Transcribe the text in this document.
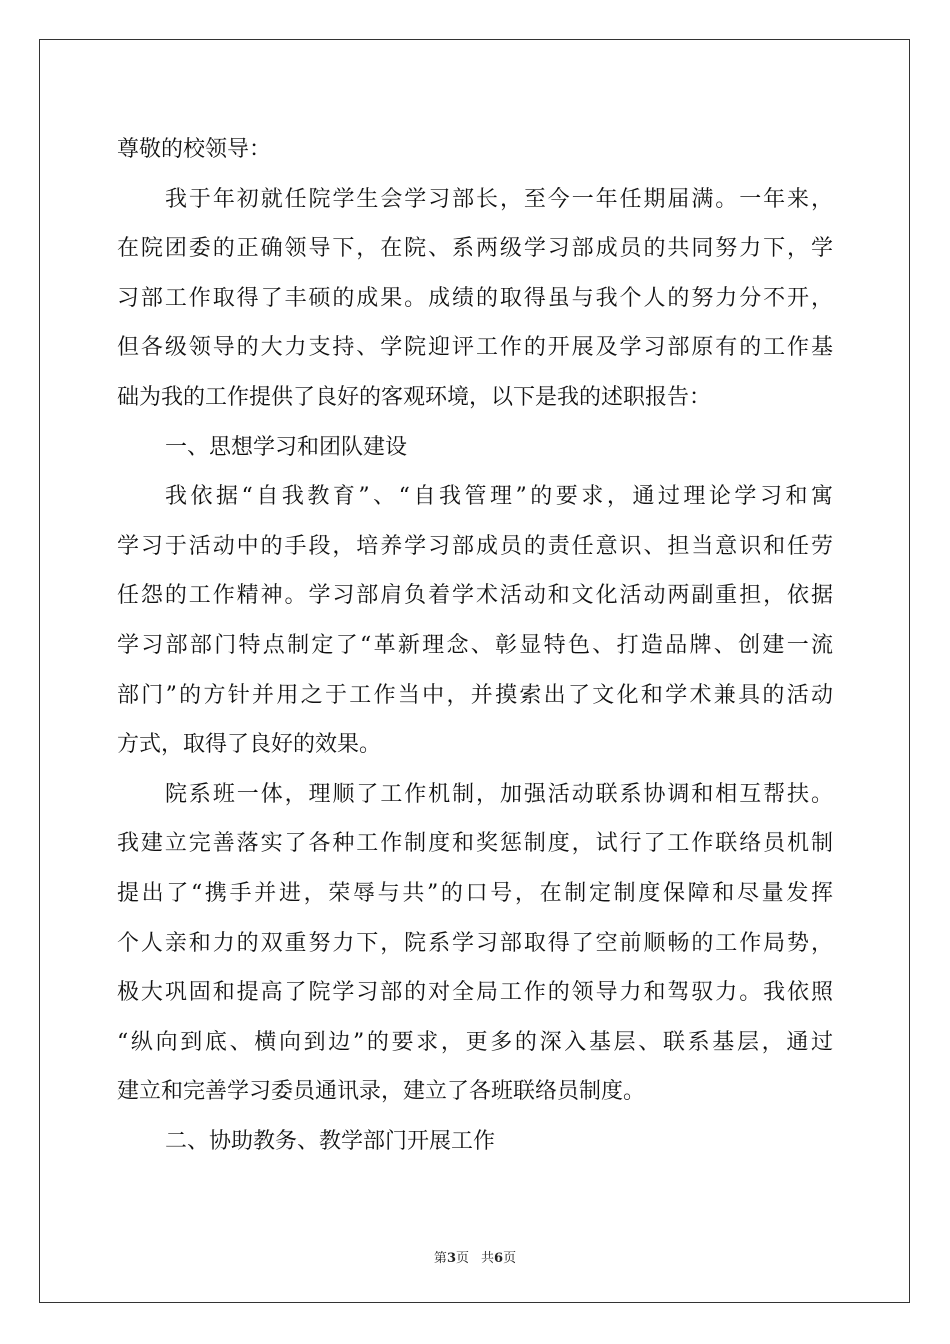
尊敬的校领导：
我于年初就任院学生会学习部长，至今一年任期届满。一年来，
在院团委的正确领导下，在院、系两级学习部成员的共同努力下，学
习部工作取得了丰硕的成果。成绩的取得虽与我个人的努力分不开，
但各级领导的大力支持、学院迎评工作的开展及学习部原有的工作基
础为我的工作提供了良好的客观环境，以下是我的述职报告：
一、思想学习和团队建设
我依据“自我教育”、“自我管理”的要求，通过理论学习和寓
学习于活动中的手段，培养学习部成员的责任意识、担当意识和任劳
任怨的工作精神。学习部肩负着学术活动和文化活动两副重担，依据
学习部部门特点制定了“革新理念、彰显特色、打造品牌、创建一流
部门”的方针并用之于工作当中，并摸索出了文化和学术兼具的活动
方式，取得了良好的效果。
院系班一体，理顺了工作机制，加强活动联系协调和相互帮扶。
我建立完善落实了各种工作制度和奖惩制度，试行了工作联络员机制
提出了“携手并进，荣辱与共”的口号，在制定制度保障和尽量发挥
个人亲和力的双重努力下，院系学习部取得了空前顺畅的工作局势，
极大巩固和提高了院学习部的对全局工作的领导力和驾驭力。我依照
“纵向到底、横向到边”的要求，更多的深入基层、联系基层，通过
建立和完善学习委员通讯录，建立了各班联络员制度。
二、协助教务、教学部门开展工作
第3页 共6页
